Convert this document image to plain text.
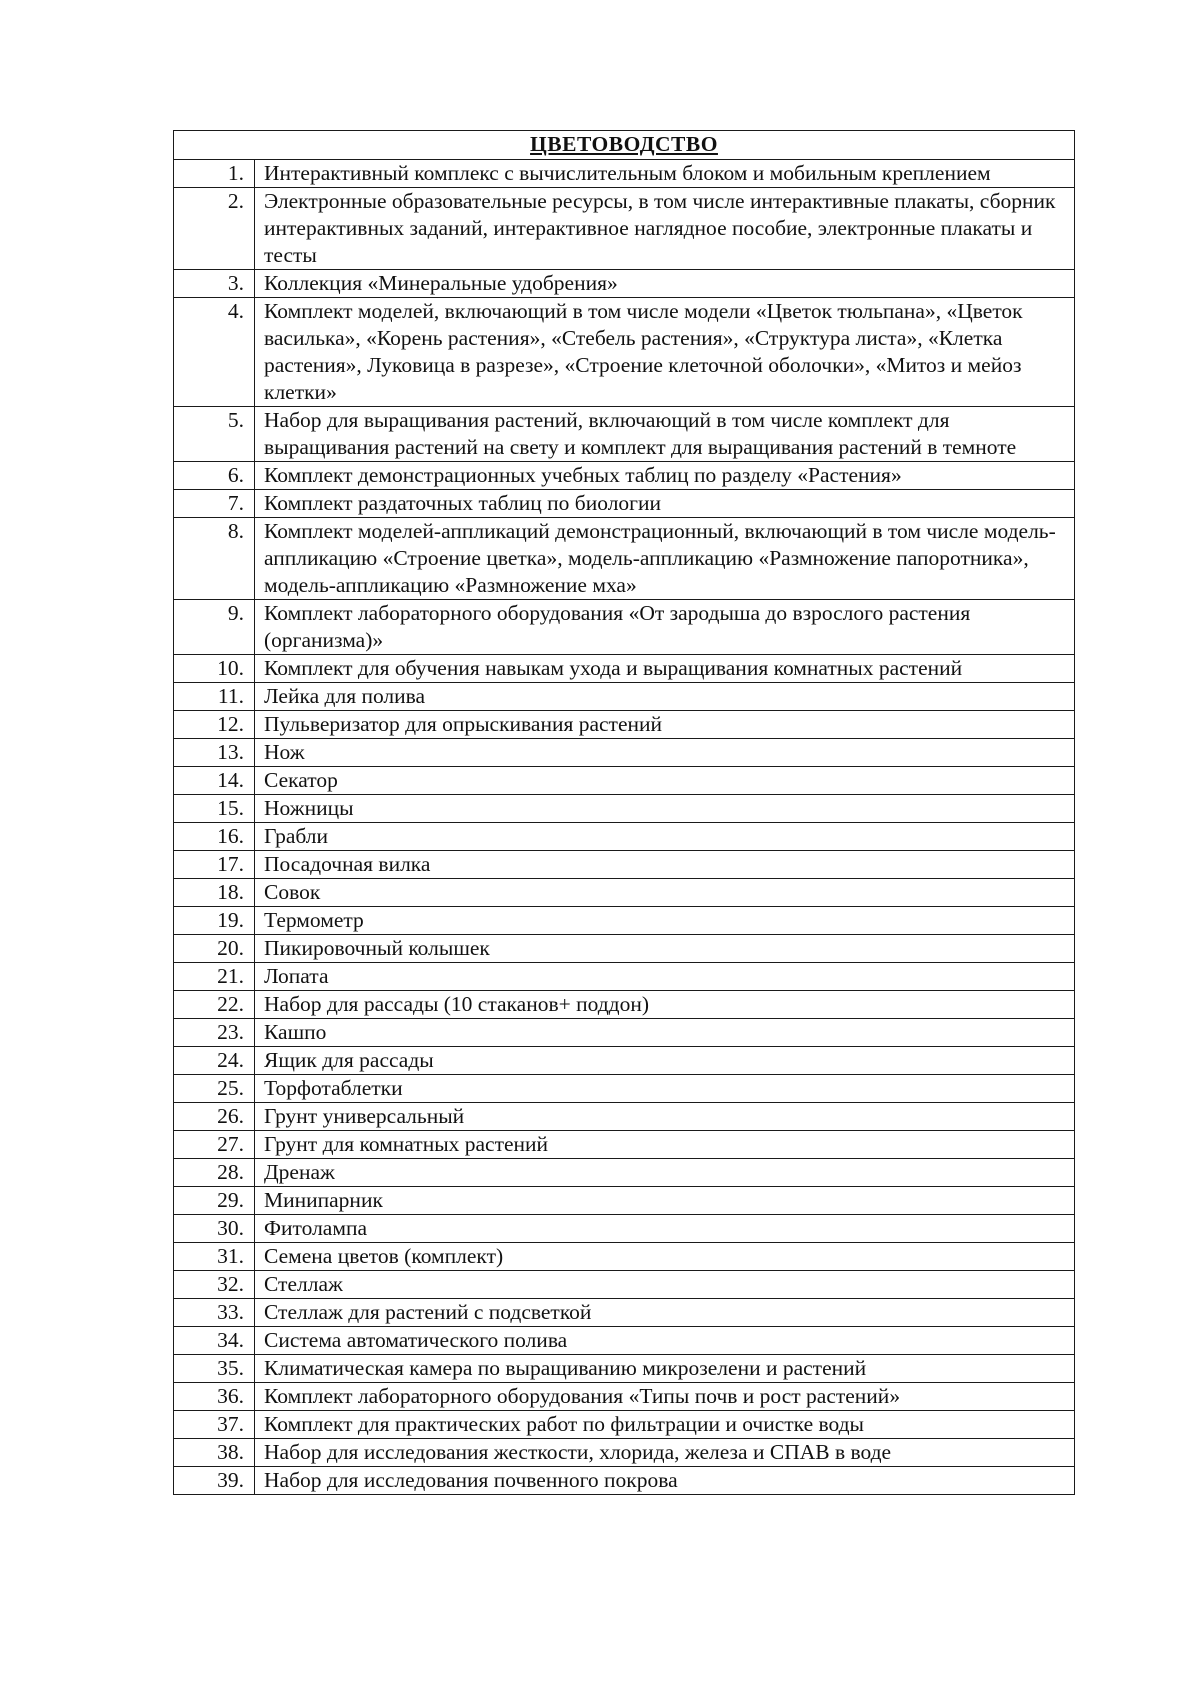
ЦВЕТОВОДСТВО	
1.	Интерактивный комплекс с вычислительным блоком и мобильным креплением
2.	Электронные образовательные ресурсы, в том числе интерактивные плакаты, сборник интерактивных заданий, интерактивное наглядное пособие, электронные плакаты и тесты
3.	Коллекция «Минеральные удобрения»
4.	Комплект моделей, включающий в том числе модели «Цветок тюльпана», «Цветок василька», «Корень растения», «Стебель растения», «Структура листа», «Клетка растения», Луковица в разрезе», «Строение клеточной оболочки», «Митоз и мейоз клетки»
5.	Набор для выращивания растений, включающий в том числе комплект для выращивания растений на свету и комплект для выращивания растений в темноте
6.	Комплект демонстрационных учебных таблиц по разделу «Растения»
7.	Комплект раздаточных таблиц по биологии
8.	Комплект моделей-аппликаций демонстрационный, включающий в том числе модель-аппликацию «Строение цветка», модель-аппликацию «Размножение папоротника», модель-аппликацию «Размножение мха»
9.	Комплект лабораторного оборудования «От зародыша до взрослого растения (организма)»
10.	Комплект для обучения навыкам ухода и выращивания комнатных растений
11.	Лейка для полива
12.	Пульверизатор для опрыскивания растений
13.	Нож
14.	Секатор
15.	Ножницы
16.	Грабли
17.	Посадочная вилка
18.	Совок
19.	Термометр
20.	Пикировочный колышек
21.	Лопата
22.	Набор для рассады (10 стаканов+ поддон)
23.	Кашпо
24.	Ящик для рассады
25.	Торфотаблетки
26.	Грунт универсальный
27.	Грунт для комнатных растений
28.	Дренаж
29.	Минипарник
30.	Фитолампа
31.	Семена цветов (комплект)
32.	Стеллаж
33.	Стеллаж для растений с подсветкой
34.	Система автоматического полива
35.	Климатическая камера по выращиванию микрозелени и растений
36.	Комплект лабораторного оборудования «Типы почв и рост растений»
37.	Комплект для практических работ по фильтрации и очистке воды
38.	Набор для исследования жесткости, хлорида, железа и СПАВ в воде
39.	Набор для исследования почвенного покрова
